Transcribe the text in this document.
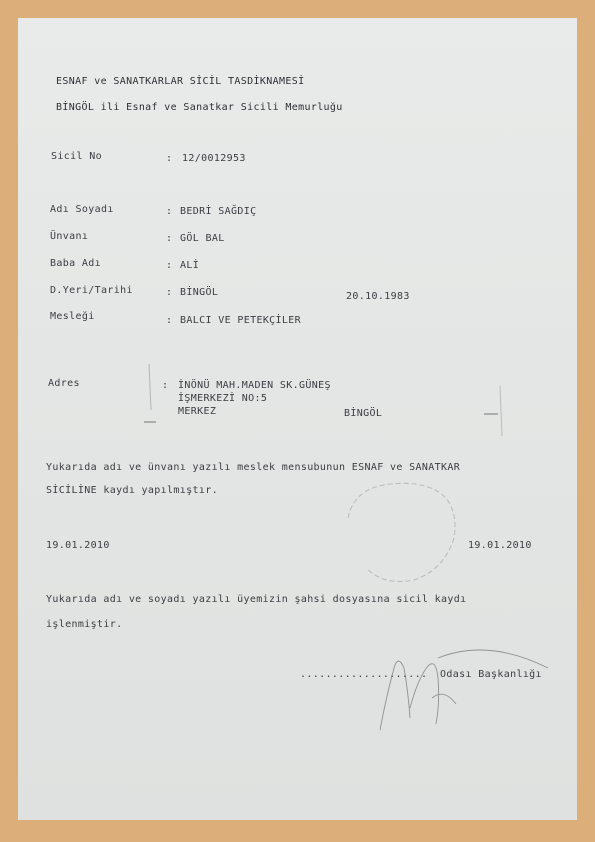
ESNAF ve SANATKARLAR SİCİL TASDİKNAMESİ
BİNGÖL ili Esnaf ve Sanatkar Sicili Memurluğu
Sicil No	: 12/0012953
Adı Soyadı	: BEDRİ SAĞDIÇ
Ünvanı	: GÖL BAL
Baba Adı	: ALİ
D.Yeri/Tarihi	: BİNGÖL	20.10.1983
Mesleği	: BALCI VE PETEKÇİLER
Adres	: İNÖNÜ MAH.MADEN SK.GÜNEŞ
İŞMERKEZİ NO:5
MERKEZ	BİNGÖL
Yukarıda adı ve ünvanı yazılı meslek mensubunun ESNAF ve SANATKAR
SİCİLİNE kaydı yapılmıştır.
19.01.2010	19.01.2010
Yukarıda adı ve soyadı yazılı üyemizin şahsi dosyasına sicil kaydı
işlenmiştir.
.................... Odası Başkanlığı
